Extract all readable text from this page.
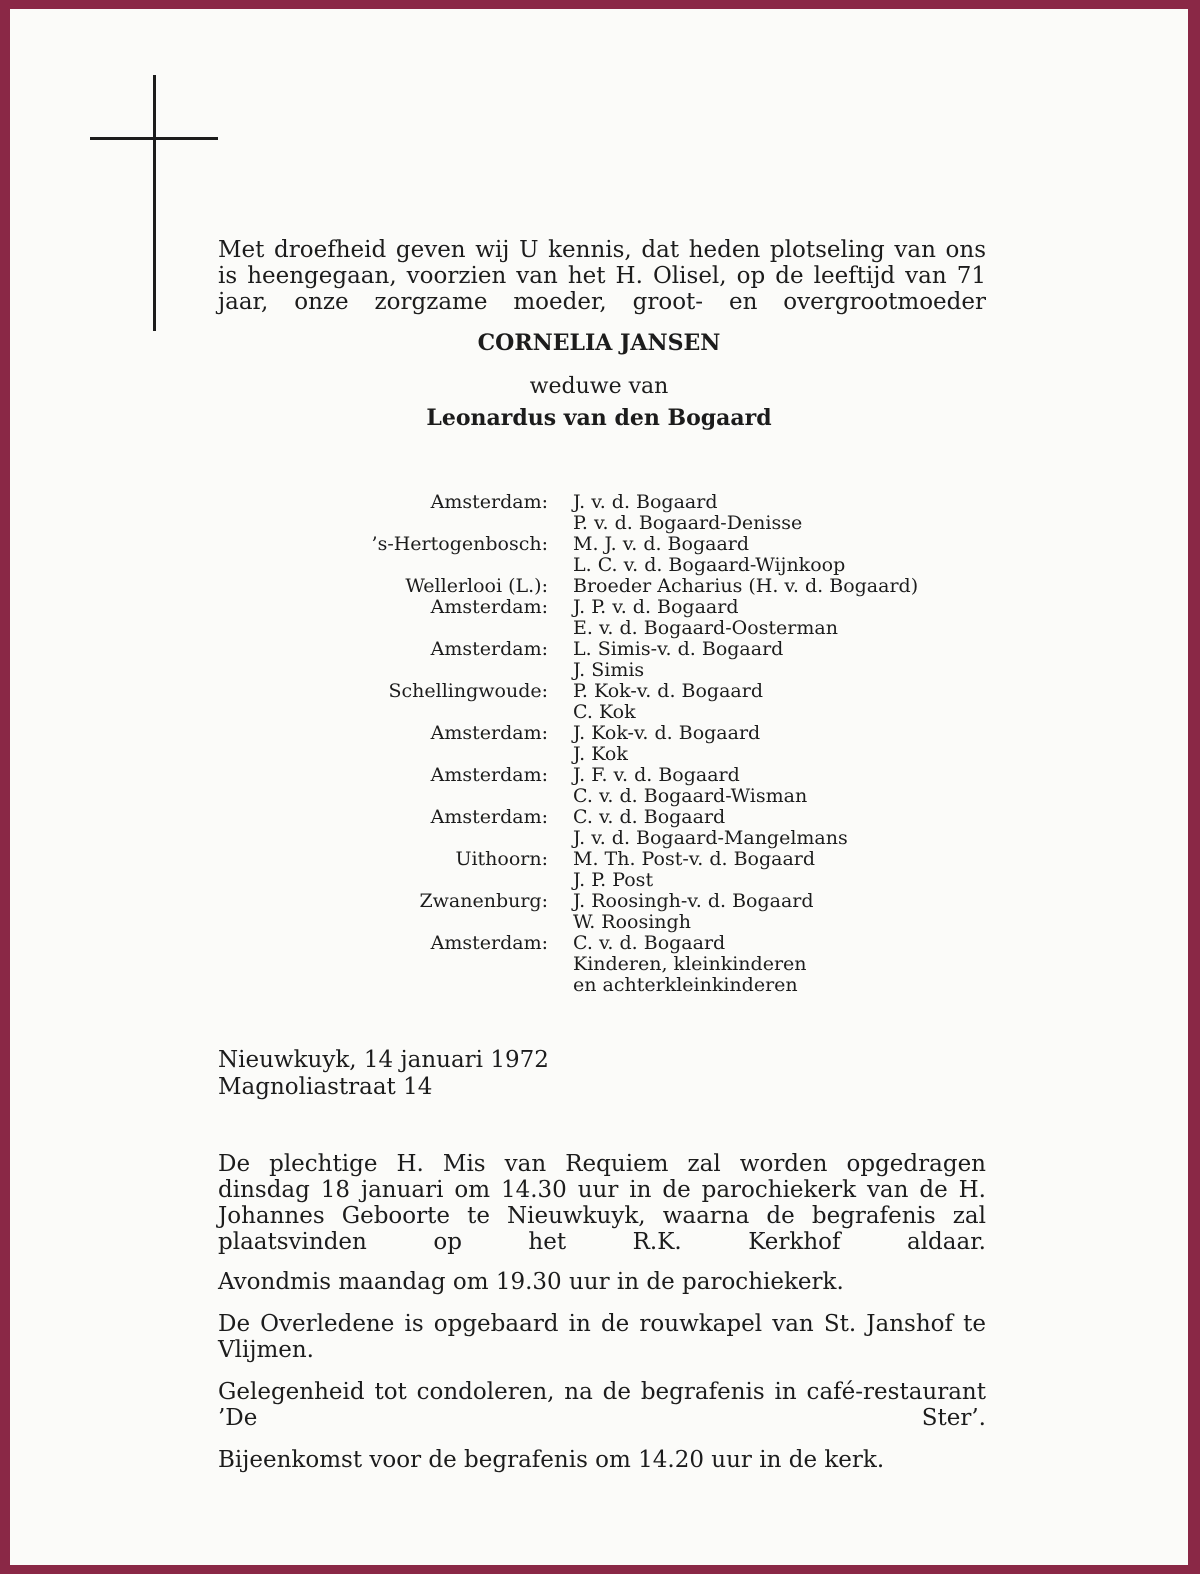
Met droefheid geven wij U kennis, dat heden plotseling van ons is heengegaan, voorzien van het H. Olisel, op de leeftijd van 71 jaar, onze zorgzame moeder, groot- en overgrootmoeder
CORNELIA JANSEN
weduwe van
Leonardus van den Bogaard
Amsterdam:	J. v. d. Bogaard
P. v. d. Bogaard-Denisse
’s-Hertogenbosch:	M. J. v. d. Bogaard
L. C. v. d. Bogaard-Wijnkoop
Wellerlooi (L.):	Broeder Acharius (H. v. d. Bogaard)
Amsterdam:	J. P. v. d. Bogaard
E. v. d. Bogaard-Oosterman
Amsterdam:	L. Simis-v. d. Bogaard
J. Simis
Schellingwoude:	P. Kok-v. d. Bogaard
C. Kok
Amsterdam:	J. Kok-v. d. Bogaard
J. Kok
Amsterdam:	J. F. v. d. Bogaard
C. v. d. Bogaard-Wisman
Amsterdam:	C. v. d. Bogaard
J. v. d. Bogaard-Mangelmans
Uithoorn:	M. Th. Post-v. d. Bogaard
J. P. Post
Zwanenburg:	J. Roosingh-v. d. Bogaard
W. Roosingh
Amsterdam:	C. v. d. Bogaard
Kinderen, kleinkinderen
en achterkleinkinderen
Nieuwkuyk, 14 januari 1972
Magnoliastraat 14
De plechtige H. Mis van Requiem zal worden opgedragen dinsdag 18 januari om 14.30 uur in de parochiekerk van de H. Johannes Geboorte te Nieuwkuyk, waarna de begrafenis zal plaatsvinden op het R.K. Kerkhof aldaar.
Avondmis maandag om 19.30 uur in de parochiekerk.
De Overledene is opgebaard in de rouwkapel van St. Janshof te Vlijmen.
Gelegenheid tot condoleren, na de begrafenis in café-restaurant ’De Ster’.
Bijeenkomst voor de begrafenis om 14.20 uur in de kerk.
